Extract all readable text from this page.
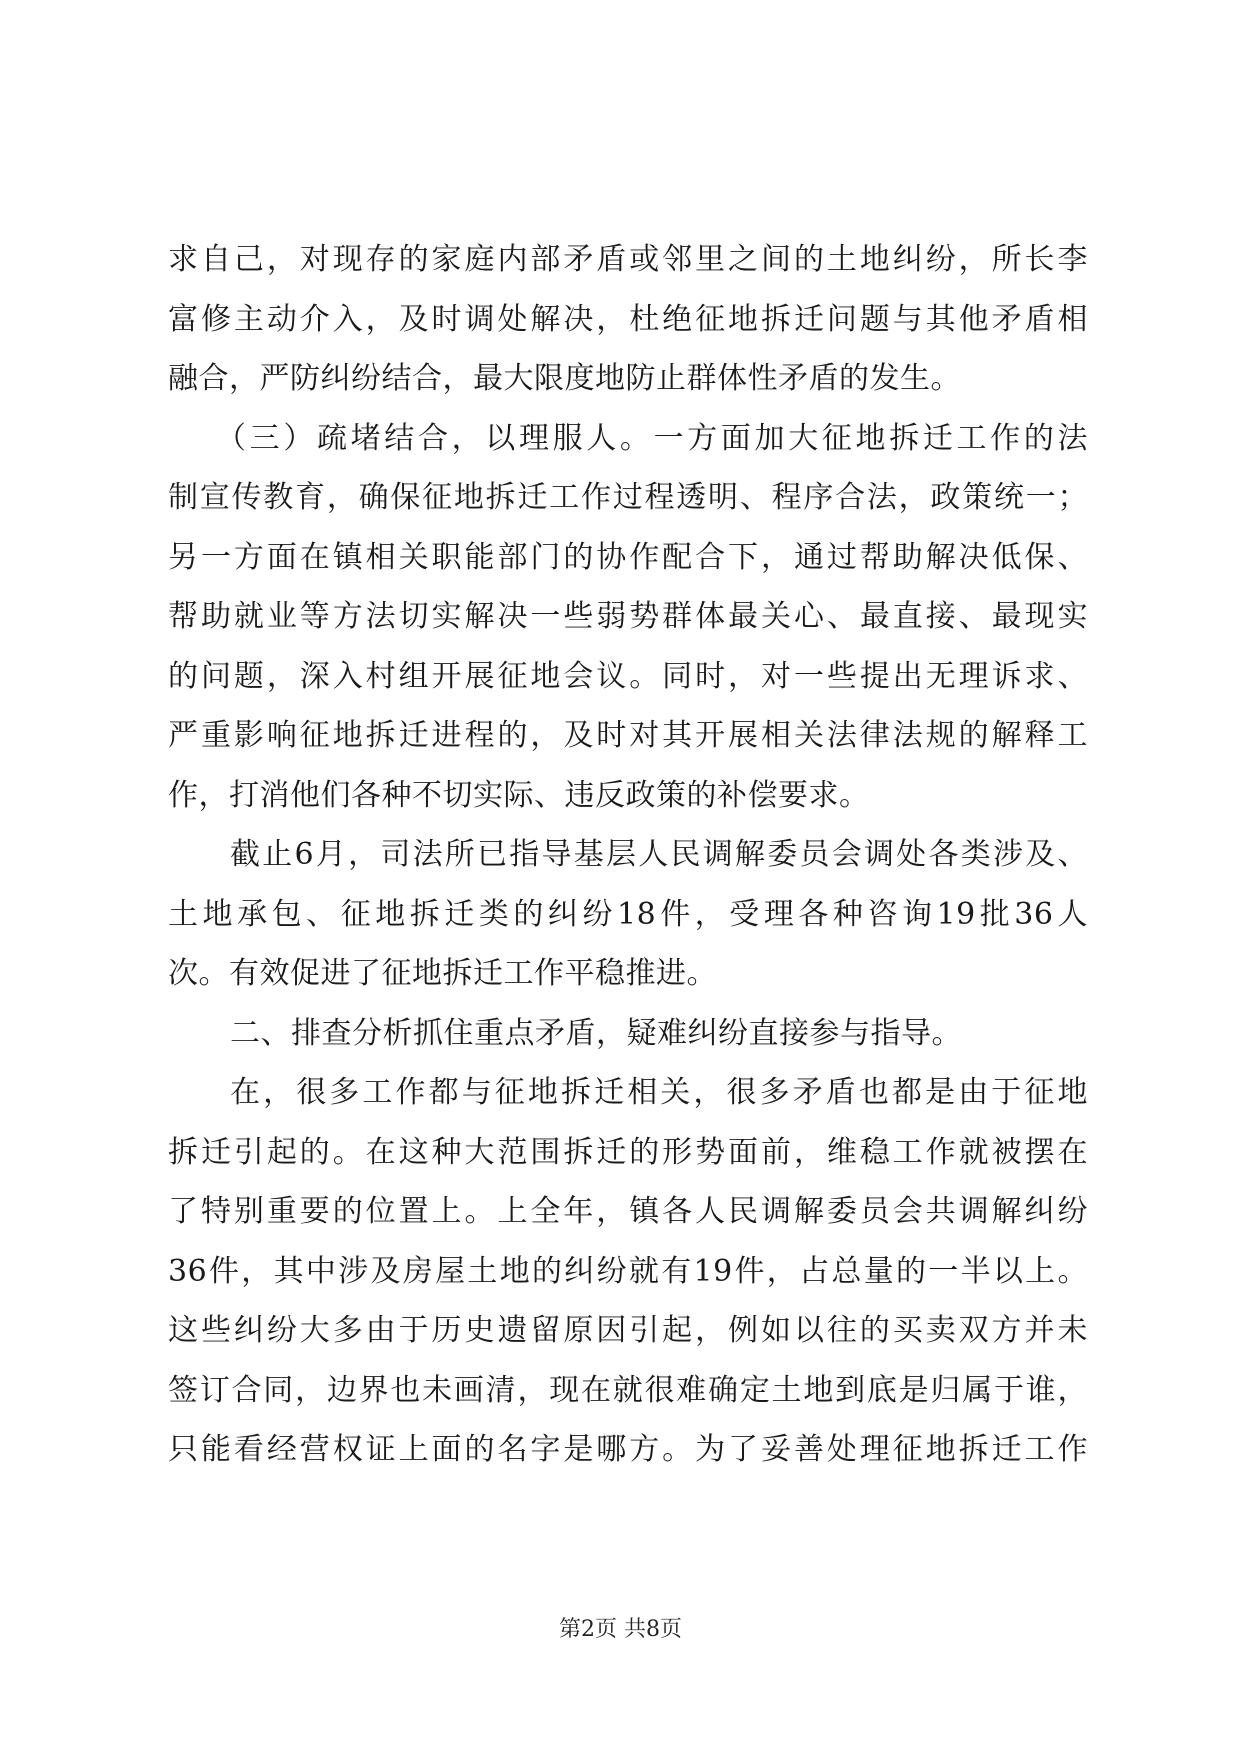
求自己，对现存的家庭内部矛盾或邻里之间的土地纠纷，所长李
富修主动介入，及时调处解决，杜绝征地拆迁问题与其他矛盾相
融合，严防纠纷结合，最大限度地防止群体性矛盾的发生。
（三）疏堵结合，以理服人。一方面加大征地拆迁工作的法
制宣传教育，确保征地拆迁工作过程透明、程序合法，政策统一；
另一方面在镇相关职能部门的协作配合下，通过帮助解决低保、
帮助就业等方法切实解决一些弱势群体最关心、最直接、最现实
的问题，深入村组开展征地会议。同时，对一些提出无理诉求、
严重影响征地拆迁进程的，及时对其开展相关法律法规的解释工
作，打消他们各种不切实际、违反政策的补偿要求。
截止6月，司法所已指导基层人民调解委员会调处各类涉及、
土地承包、征地拆迁类的纠纷18件，受理各种咨询19批36人
次。有效促进了征地拆迁工作平稳推进。
二、排查分析抓住重点矛盾，疑难纠纷直接参与指导。
在，很多工作都与征地拆迁相关，很多矛盾也都是由于征地
拆迁引起的。在这种大范围拆迁的形势面前，维稳工作就被摆在
了特别重要的位置上。上全年，镇各人民调解委员会共调解纠纷
36件，其中涉及房屋土地的纠纷就有19件，占总量的一半以上。
这些纠纷大多由于历史遗留原因引起，例如以往的买卖双方并未
签订合同，边界也未画清，现在就很难确定土地到底是归属于谁，
只能看经营权证上面的名字是哪方。为了妥善处理征地拆迁工作
第2页 共8页
